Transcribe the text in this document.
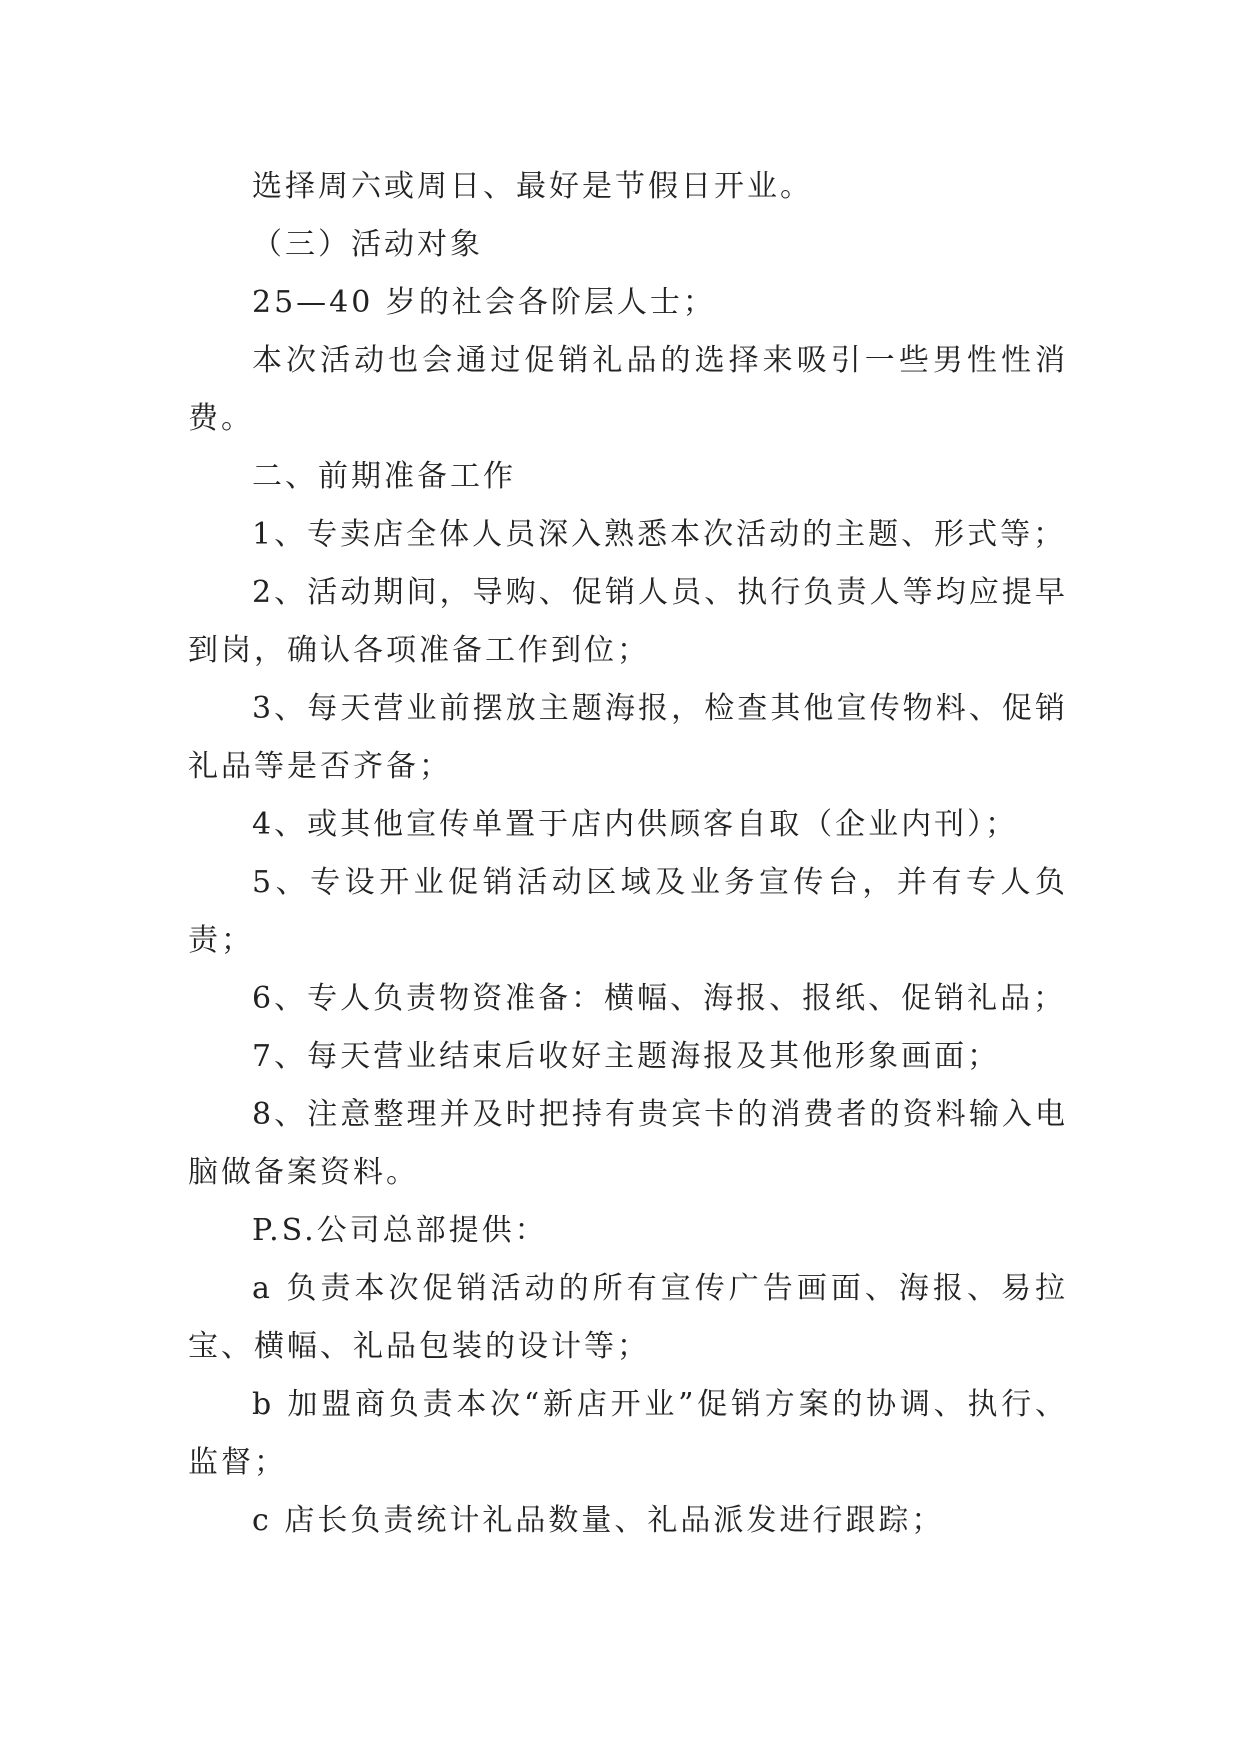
选择周六或周日、最好是节假日开业。

（三）活动对象

25—40 岁的社会各阶层人士；

本次活动也会通过促销礼品的选择来吸引一些男性性消费。

二、前期准备工作

1、专卖店全体人员深入熟悉本次活动的主题、形式等；

2、活动期间，导购、促销人员、执行负责人等均应提早到岗，确认各项准备工作到位；

3、每天营业前摆放主题海报，检查其他宣传物料、促销礼品等是否齐备；

4、或其他宣传单置于店内供顾客自取（企业内刊）；

5、专设开业促销活动区域及业务宣传台，并有专人负责；

6、专人负责物资准备：横幅、海报、报纸、促销礼品；

7、每天营业结束后收好主题海报及其他形象画面；

8、注意整理并及时把持有贵宾卡的消费者的资料输入电脑做备案资料。

P.S.公司总部提供：

a 负责本次促销活动的所有宣传广告画面、海报、易拉宝、横幅、礼品包装的设计等；

b 加盟商负责本次“新店开业”促销方案的协调、执行、监督；

c 店长负责统计礼品数量、礼品派发进行跟踪；
